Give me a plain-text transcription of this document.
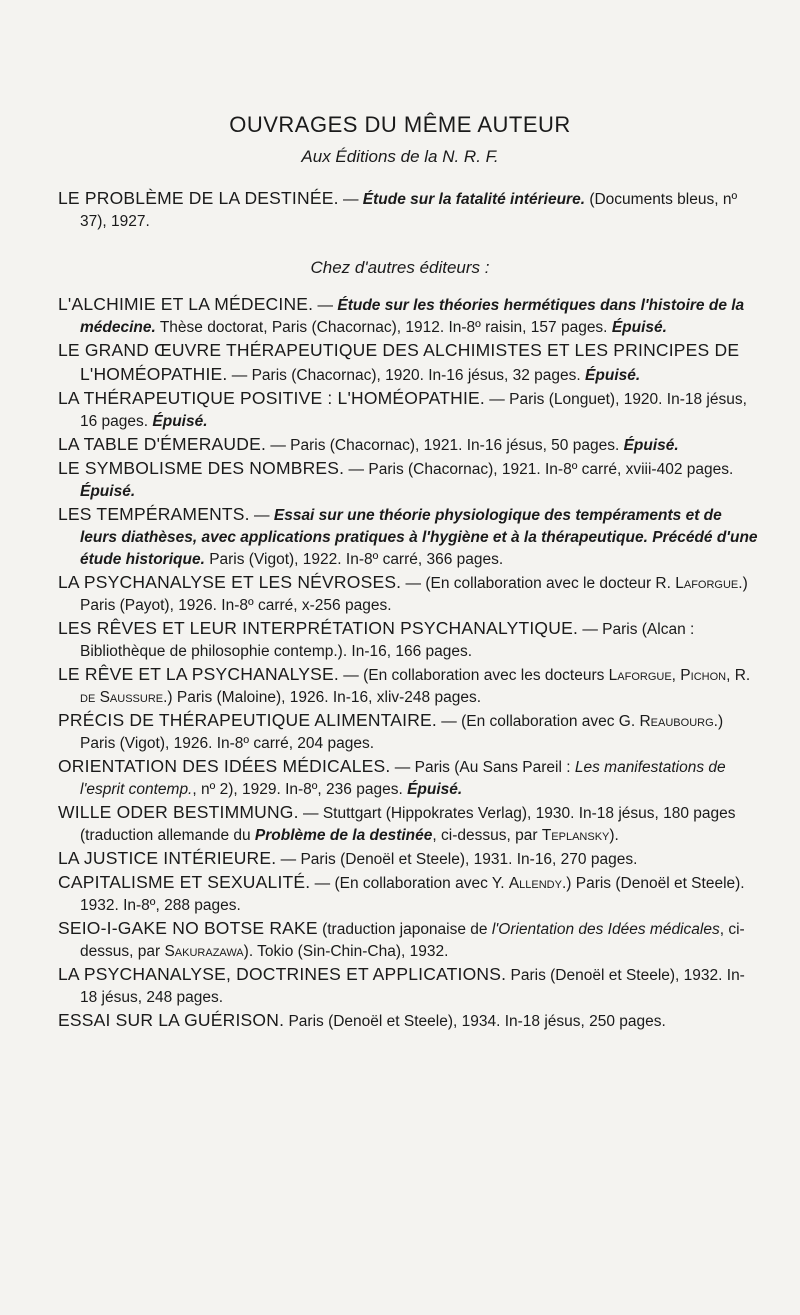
OUVRAGES DU MÊME AUTEUR
Aux Éditions de la N. R. F.

LE PROBLÈME DE LA DESTINÉE. — Étude sur la fatalité intérieure. (Documents bleus, nº 37), 1927.

Chez d'autres éditeurs :

L'ALCHIMIE ET LA MÉDECINE. — Étude sur les théories hermétiques dans l'histoire de la médecine. Thèse doctorat, Paris (Chacornac), 1912. In-8º raisin, 157 pages. Épuisé.

LE GRAND ŒUVRE THÉRAPEUTIQUE DES ALCHIMISTES ET LES PRINCIPES DE L'HOMÉOPATHIE. — Paris (Chacornac), 1920. In-16 jésus, 32 pages. Épuisé.

LA THÉRAPEUTIQUE POSITIVE : L'HOMÉOPATHIE. — Paris (Longuet), 1920. In-18 jésus, 16 pages. Épuisé.

LA TABLE D'ÉMERAUDE. — Paris (Chacornac), 1921. In-16 jésus, 50 pages. Épuisé.

LE SYMBOLISME DES NOMBRES. — Paris (Chacornac), 1921. In-8º carré, xviii-402 pages. Épuisé.

LES TEMPÉRAMENTS. — Essai sur une théorie physiologique des tempéraments et de leurs diathèses, avec applications pratiques à l'hygiène et à la thérapeutique. Précédé d'une étude historique. Paris (Vigot), 1922. In-8º carré, 366 pages.

LA PSYCHANALYSE ET LES NÉVROSES. — (En collaboration avec le docteur R. Laforgue.) Paris (Payot), 1926. In-8º carré, x-256 pages.

LES RÊVES ET LEUR INTERPRÉTATION PSYCHANALYTIQUE. — Paris (Alcan : Bibliothèque de philosophie contemp.). In-16, 166 pages.

LE RÊVE ET LA PSYCHANALYSE. — (En collaboration avec les docteurs Laforgue, Pichon, R. de Saussure.) Paris (Maloine), 1926. In-16, xliv-248 pages.

PRÉCIS DE THÉRAPEUTIQUE ALIMENTAIRE. — (En collaboration avec G. Reaubourg.) Paris (Vigot), 1926. In-8º carré, 204 pages.

ORIENTATION DES IDÉES MÉDICALES. — Paris (Au Sans Pareil : Les manifestations de l'esprit contemp., nº 2), 1929. In-8º, 236 pages. Épuisé.

WILLE ODER BESTIMMUNG. — Stuttgart (Hippokrates Verlag), 1930. In-18 jésus, 180 pages (traduction allemande du Problème de la destinée, ci-dessus, par Teplansky).

LA JUSTICE INTÉRIEURE. — Paris (Denoël et Steele), 1931. In-16, 270 pages.

CAPITALISME ET SEXUALITÉ. — (En collaboration avec Y. Allendy.) Paris (Denoël et Steele). 1932. In-8º, 288 pages.

SEIO-I-GAKE NO BOTSE RAKE (traduction japonaise de l'Orientation des Idées médicales, ci-dessus, par Sakurazawa). Tokio (Sin-Chin-Cha), 1932.

LA PSYCHANALYSE, DOCTRINES ET APPLICATIONS. Paris (Denoël et Steele), 1932. In-18 jésus, 248 pages.

ESSAI SUR LA GUÉRISON. Paris (Denoël et Steele), 1934. In-18 jésus, 250 pages.
